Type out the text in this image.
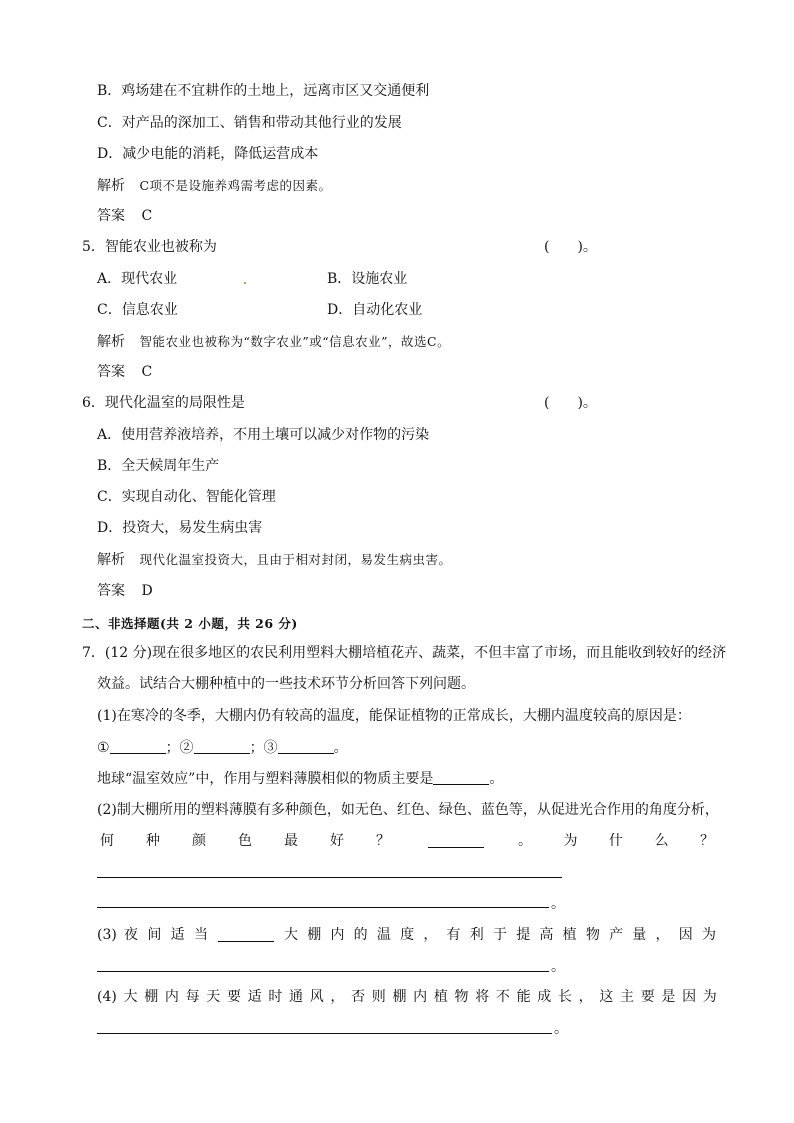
B．鸡场建在不宜耕作的土地上，远离市区又交通便利
C．对产品的深加工、销售和带动其他行业的发展
D．减少电能的消耗，降低运营成本
解析 C项不是设施养鸡需考虑的因素。
答案 C
5．智能农业也被称为	(　　)。
A．现代农业	B．设施农业
C．信息农业	D．自动化农业
解析 智能农业也被称为“数字农业”或“信息农业”，故选C。
答案 C
6．现代化温室的局限性是	(　　)。
A．使用营养液培养，不用土壤可以减少对作物的污染
B．全天候周年生产
C．实现自动化、智能化管理
D．投资大，易发生病虫害
解析 现代化温室投资大，且由于相对封闭，易发生病虫害。
答案 D
二、非选择题(共 2 小题，共 26 分)
7．(12 分)现在很多地区的农民利用塑料大棚培植花卉、蔬菜，不但丰富了市场，而且能收到较好的经济
效益。试结合大棚种植中的一些技术环节分析回答下列问题。
(1)在寒冷的冬季，大棚内仍有较高的温度，能保证植物的正常成长，大棚内温度较高的原因是：
①	；②	；③	。
地球“温室效应”中，作用与塑料薄膜相似的物质主要是	。
(2)制大棚所用的塑料薄膜有多种颜色，如无色、红色、绿色、蓝色等，从促进光合作用的角度分析，
何 种 颜 色 最 好 ？	。 为 什 么 ？
。
(3) 夜 间 适 当	大 棚 内 的 温 度 ， 有 利 于 提 高 植 物 产 量 ， 因 为
。
(4) 大 棚 内 每 天 要 适 时 通 风 ， 否 则 棚 内 植 物 将 不 能 成 长 ， 这 主 要 是 因 为
。
